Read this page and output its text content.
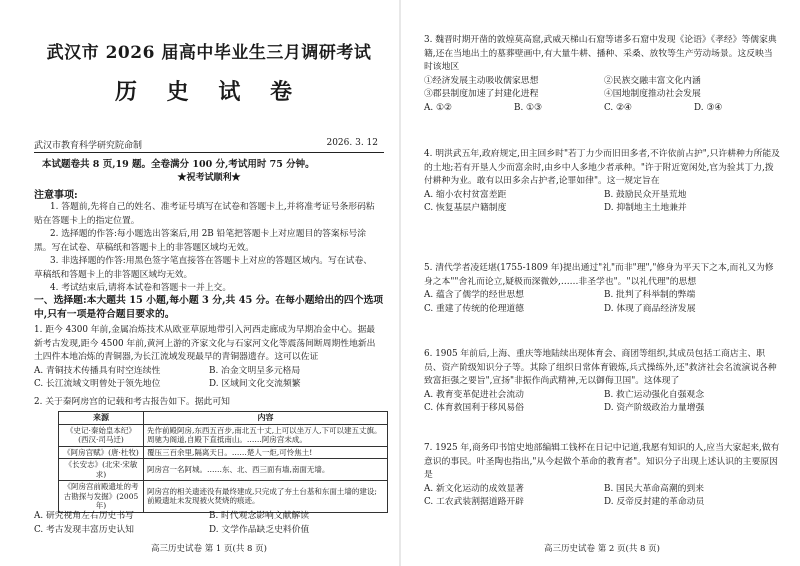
武汉市 2026 届高中毕业生三月调研考试
历 史 试 卷
武汉市教育科学研究院命制	2026. 3. 12
本试题卷共 8 页,19 题。全卷满分 100 分,考试用时 75 分钟。
★祝考试顺利★
注意事项:

1. 答题前,先将自己的姓名、准考证号填写在试卷和答题卡上,并将准考证号条形码粘贴在答题卡上的指定位置。

2. 选择题的作答:每小题选出答案后,用 2B 铅笔把答题卡上对应题目的答案标号涂黑。写在试卷、草稿纸和答题卡上的非答题区域均无效。

3. 非选择题的作答:用黑色签字笔直接答在答题卡上对应的答题区域内。写在试卷、草稿纸和答题卡上的非答题区域均无效。

4. 考试结束后,请将本试卷和答题卡一并上交。

一、选择题:本大题共 15 小题,每小题 3 分,共 45 分。在每小题给出的四个选项中,只有一项是符合题目要求的。

1. 距今 4300 年前,金属冶炼技术从欧亚草原地带引入河西走廊成为早期冶金中心。据最新考古发现,距今 4500 年前,黄河上游的齐家文化与石家河文化等震荡间断周期性地新出土四件本地冶炼的青铜器,为长江流域发现最早的青铜器遗存。这可以佐证

A. 青铜技术传播具有时空连续性	B. 冶金文明呈多元格局
C. 长江流域文明曾处于领先地位	D. 区域间文化交流频繁

2. 关于秦阿房宫的记载和考古报告如下。据此可知

来源	内容
《史记·秦始皇本纪》(西汉·司马迁)	先作前殿阿房,东西五百步,南北五十丈,上可以坐万人,下可以建五丈旗。周驰为阁道,自殿下直抵南山。……阿房宫未成。
《阿房宫赋》(唐·杜牧)	覆压三百余里,隔离天日。……楚人一炬,可怜焦土!
《长安志》(北宋·宋敏求)	阿房宫一名阿城。……东、北、西三面有墙,南面无墙。
《阿房宫前殿遗址的考古勘探与发掘》(2005 年)	阿房宫的相关遗迹没有最终建成,只完成了夯土台基和东面土墙的建设;前殿遗址未发现被火焚烧的痕迹。
A. 研究视角左右历史书写	B. 时代观念影响文献解读
C. 考古发现丰富历史认知	D. 文学作品缺乏史料价值
高三历史试卷 第 1 页(共 8 页)

3. 魏晋时期开凿的敦煌莫高窟,武威天梯山石窟等诸多石窟中发现《论语》《孝经》等儒家典籍,还在当地出土的墓葬壁画中,有大量牛耕、播种、采桑、放牧等生产劳动场景。这反映当时该地区

①经济发展主动吸收儒家思想	②民族交融丰富文化内涵
③郡县制度加速了封建化进程	④国地制度推动社会发展
A. ①②	B. ①③	C. ②④	D. ③④

4. 明洪武五年,政府规定,田主回乡时"若丁力少而旧田多者,不许依前占护",只许耕种力所能及的土地;若有开垦人少而富余时,由乡中人多地少者承种。"许于附近宽闲处,官为验其丁力,拨付耕种为业。敢有以田多余占护者,论罪如律"。这一规定旨在

A. 缩小农村贫富差距	B. 鼓励民众开垦荒地
C. 恢复基层户籍制度	D. 抑制地主土地兼并

5. 清代学者凌廷堪(1755-1809 年)提出通过"礼"而非"理","修身为平天下之本,而礼又为修身之本""舍礼而论立,疑极而深微妙,……非圣学也"。"以礼代理"的思想

A. 蕴含了儒学的经世思想	B. 批判了科举制的弊端
C. 重建了传统的伦理道德	D. 体现了商品经济发展

6. 1905 年前后,上海、重庆等地陆续出现体育会、商团等组织,其成员包括工商店主、职员、资产阶级知识分子等。其除了组织日常体育锻炼,兵式操练外,还"救济社会名流演说各种致富拒强之要旨",宣扬"非振作尚武精神,无以御侮卫国"。这体现了

A. 教育变革促进社会流动	B. 救亡运动强化自强观念
C. 体育救国利于移风易俗	D. 资产阶级政治力量增强

7. 1925 年,商务印书馆史地部编辑工钱杯在日记中记道,我愿有知识的人,应当大家起来,做有意识的事民。叶圣陶也指出,"从今起做个革命的教育者"。知识分子出现上述认识的主要原因是

A. 新文化运动的成效显著	B. 国民大革命高潮的到来
C. 工农武装割据道路开辟	D. 反帝反封建的革命动员
高三历史试卷 第 2 页(共 8 页)
